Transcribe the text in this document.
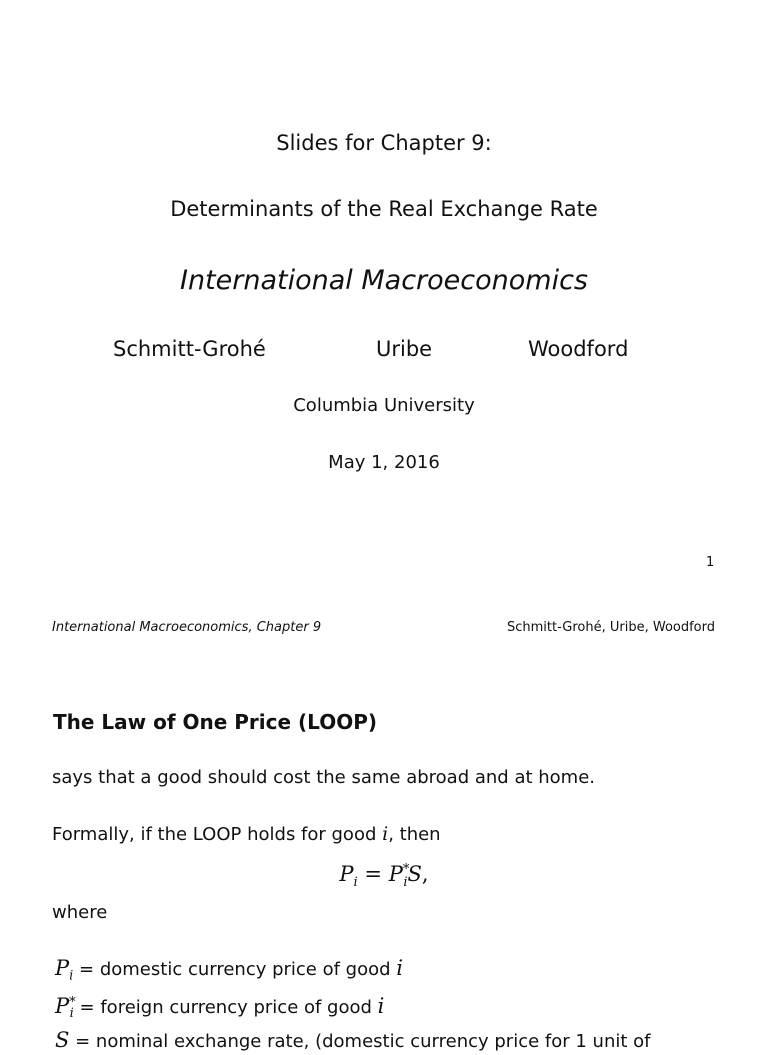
Slides for Chapter 9:
Determinants of the Real Exchange Rate
International Macroeconomics
Schmitt-Grohé	Uribe	Woodford
Columbia University
May 1, 2016
1
International Macroeconomics, Chapter 9	Schmitt-Grohé, Uribe, Woodford
The Law of One Price (LOOP)
says that a good should cost the same abroad and at home.
Formally, if the LOOP holds for good i, then
$P_i = P^*_iS$,
where
$P_i$ = domestic currency price of good i
$P^*_i$ = foreign currency price of good i
S = nominal exchange rate, (domestic currency price for 1 unit of
